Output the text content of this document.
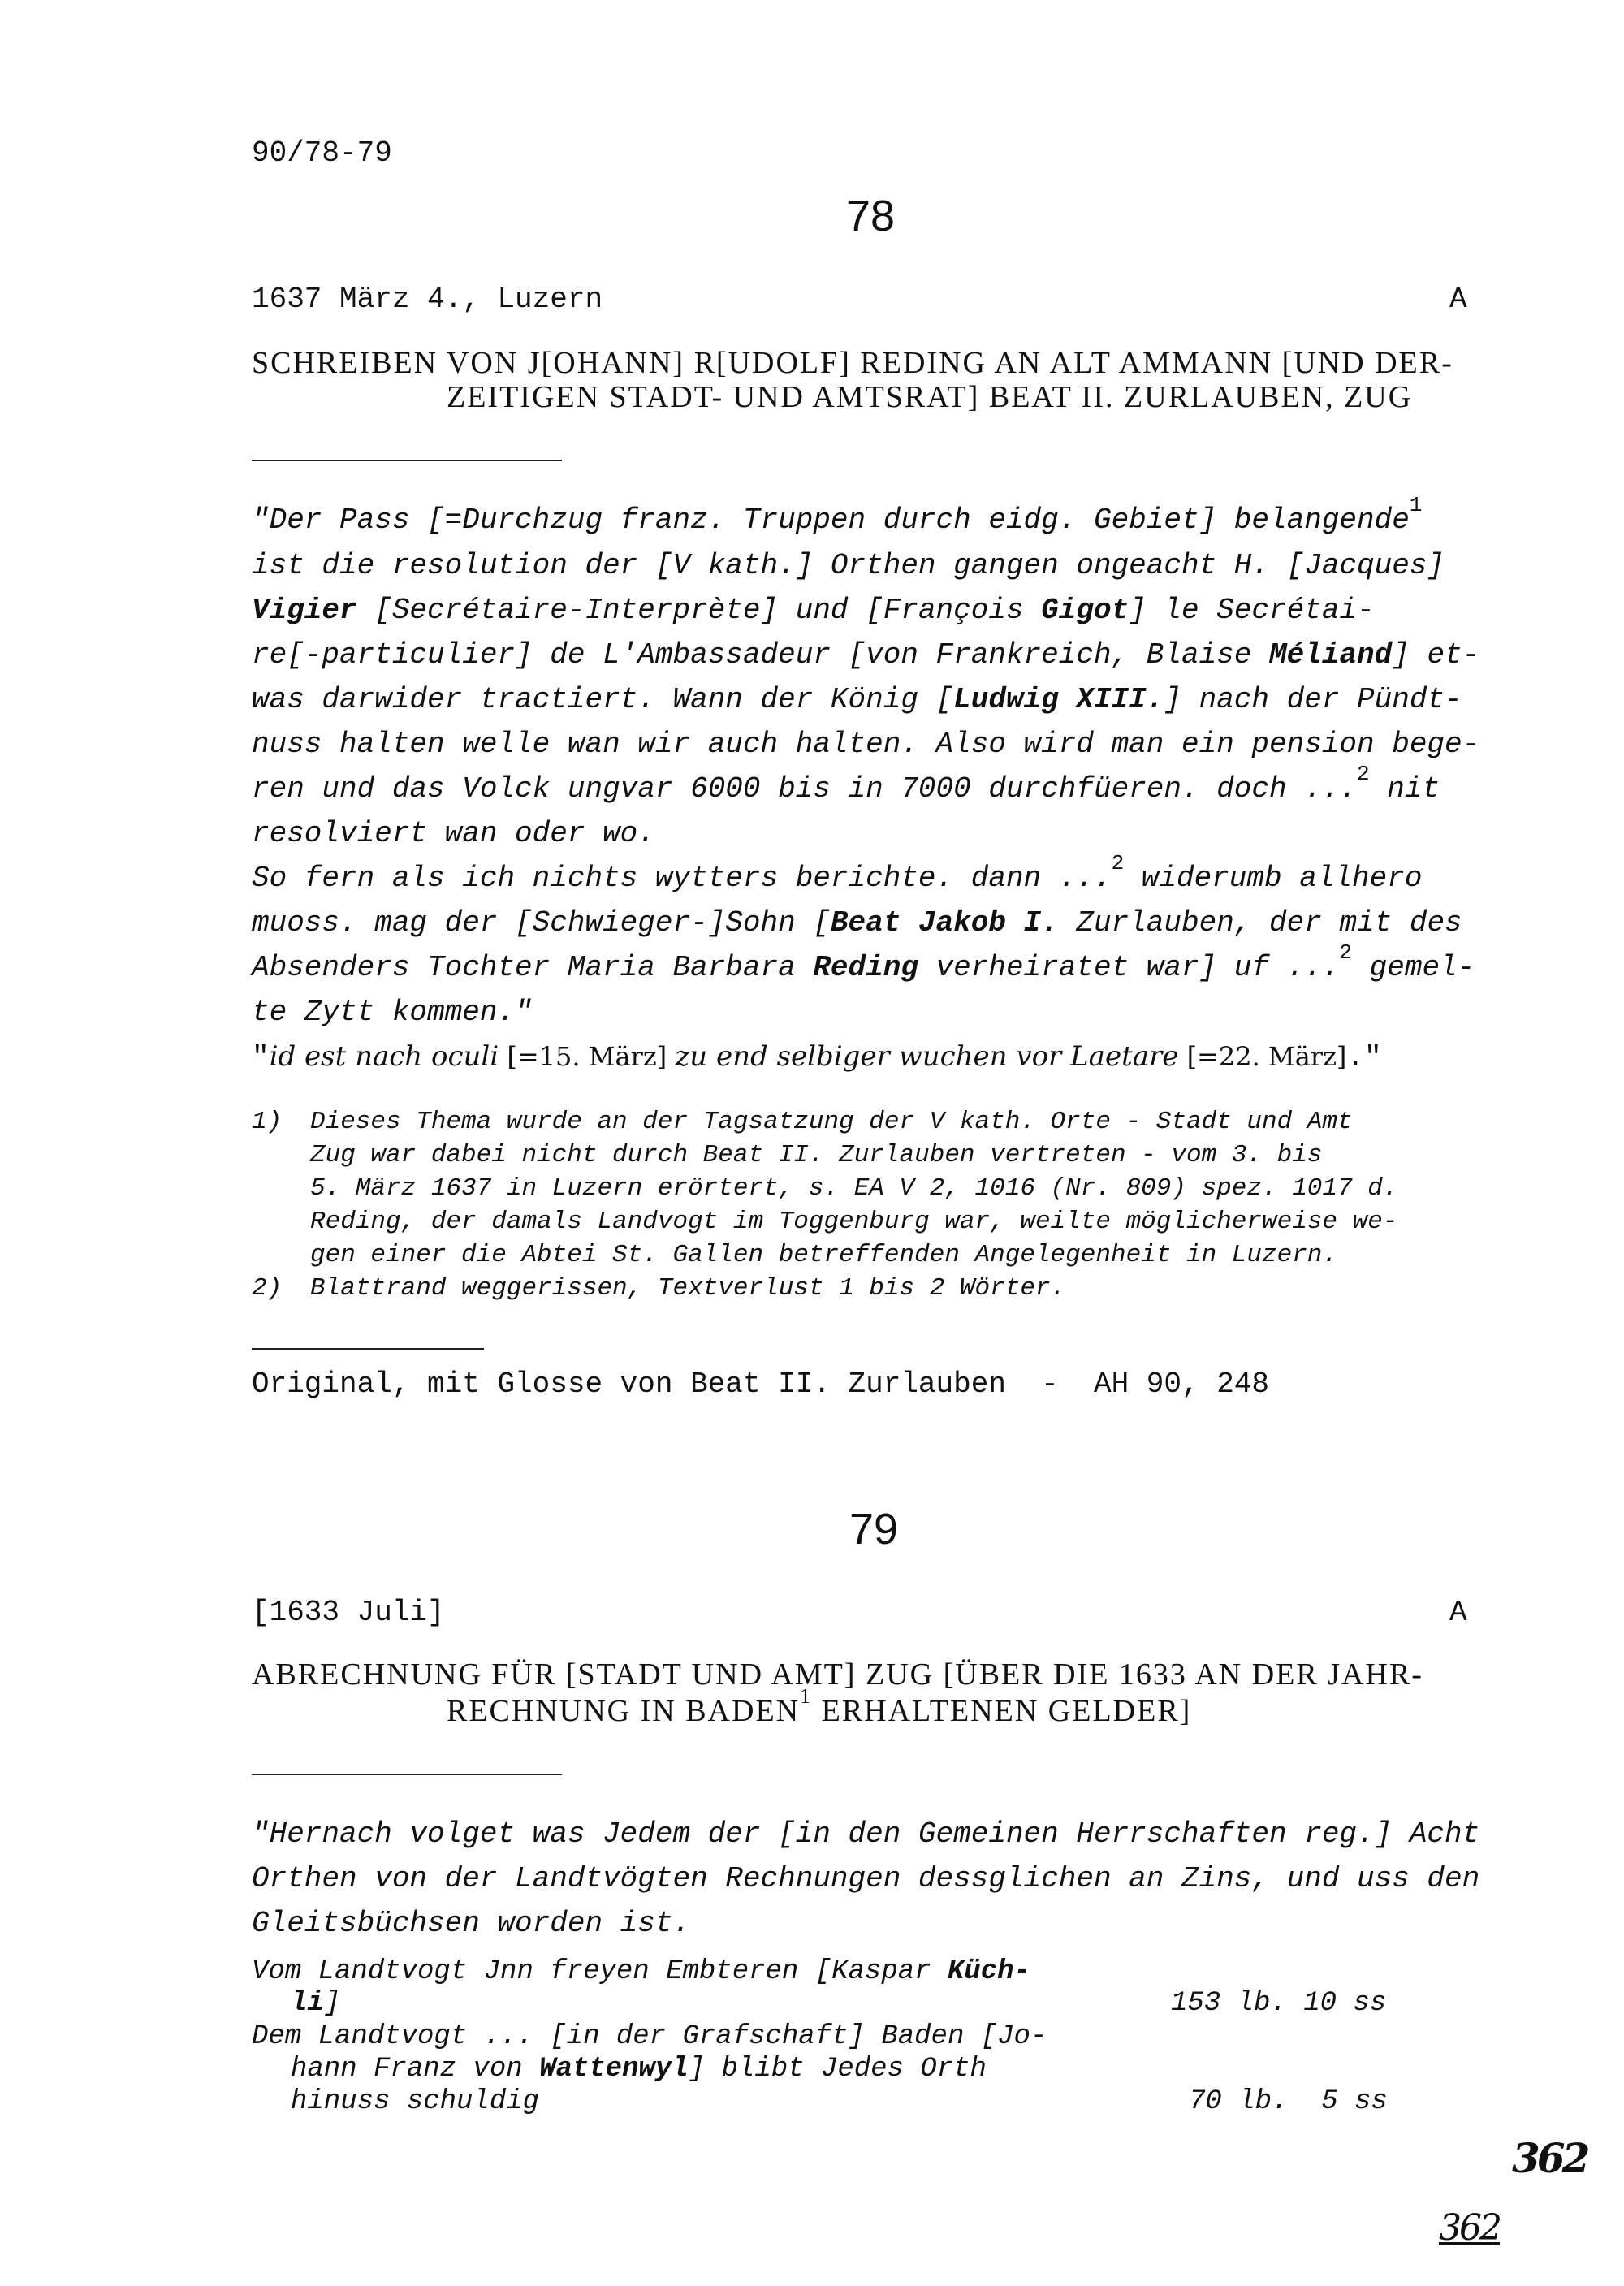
90/78-79
78
1637 März 4., Luzern	A
SCHREIBEN VON J[OHANN] R[UDOLF] REDING AN ALT AMMANN [UND DER-
ZEITIGEN STADT- UND AMTSRAT] BEAT II. ZURLAUBEN, ZUG
"Der Pass [=Durchzug franz. Truppen durch eidg. Gebiet] belangende$^1$
ist die resolution der [V kath.] Orthen gangen ongeacht H. [Jacques]
Vigier [Secrétaire-Interprète] und [François Gigot] le Secrétai-
re[-particulier] de L'Ambassadeur [von Frankreich, Blaise Méliand] et-
was darwider tractiert. Wann der König [Ludwig XIII.] nach der Pündt-
nuss halten welle wan wir auch halten. Also wird man ein pension bege-
ren und das Volck ungvar 6000 bis in 7000 durchfüeren. doch ...$^2$ nit
resolviert wan oder wo.
So fern als ich nichts wytters berichte. dann ...$^2$ widerumb allhero
muoss. mag der [Schwieger-]Sohn [Beat Jakob I. Zurlauben, der mit des
Absenders Tochter Maria Barbara Reding verheiratet war] uf ...$^2$ gemel-
te Zytt kommen."
"id est nach oculi [=15. März] zu end selbiger wuchen vor Laetare [=22. März]."
1) Dieses Thema wurde an der Tagsatzung der V kath. Orte - Stadt und Amt
Zug war dabei nicht durch Beat II. Zurlauben vertreten - vom 3. bis
5. März 1637 in Luzern erörtert, s. EA V 2, 1016 (Nr. 809) spez. 1017 d.
Reding, der damals Landvogt im Toggenburg war, weilte möglicherweise we-
gen einer die Abtei St. Gallen betreffenden Angelegenheit in Luzern.
2) Blattrand weggerissen, Textverlust 1 bis 2 Wörter.
Original, mit Glosse von Beat II. Zurlauben  -  AH 90, 248
79
[1633 Juli]	A
ABRECHNUNG FÜR [STADT UND AMT] ZUG [ÜBER DIE 1633 AN DER JAHR-
RECHNUNG IN BADEN$^1$ ERHALTENEN GELDER]
"Hernach volget was Jedem der [in den Gemeinen Herrschaften reg.] Acht
Orthen von der Landtvögten Rechnungen dessglichen an Zins, und uss den
Gleitsbüchsen worden ist.
Vom Landtvogt Jnn freyen Embteren [Kaspar Küch-
li]	153 lb. 10 ss
Dem Landtvogt ... [in der Grafschaft] Baden [Jo-
hann Franz von Wattenwyl] blibt Jedes Orth
hinuss schuldig	70 lb.  5 ss
362
362
